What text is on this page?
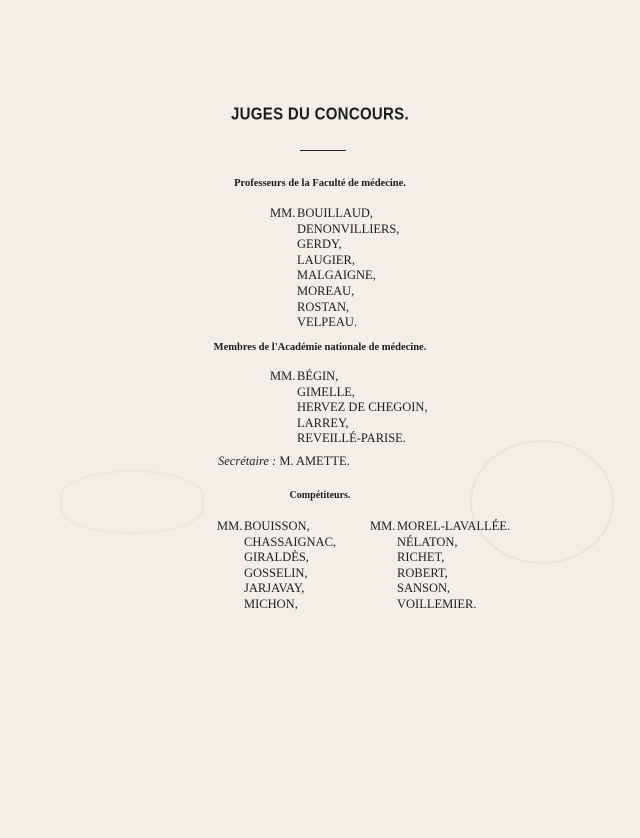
JUGES DU CONCOURS.
Professeurs de la Faculté de médecine.
MM. BOUILLAUD,
DENONVILLIERS,
GERDY,
LAUGIER,
MALGAIGNE,
MOREAU,
ROSTAN,
VELPEAU.
Membres de l'Académie nationale de médecine.
MM. BÉGIN,
GIMELLE,
HERVEZ DE CHEGOIN,
LARREY,
REVEILLÉ-PARISE.
Secrétaire : M. AMETTE.
Compétiteurs.
MM. BOUISSON,
CHASSAIGNAC,
GIRALDÈS,
GOSSELIN,
JARJAVAY,
MICHON,
MM. MOREL-LAVALLÉE.
NÉLATON,
RICHET,
ROBERT,
SANSON,
VOILLEMIER.
